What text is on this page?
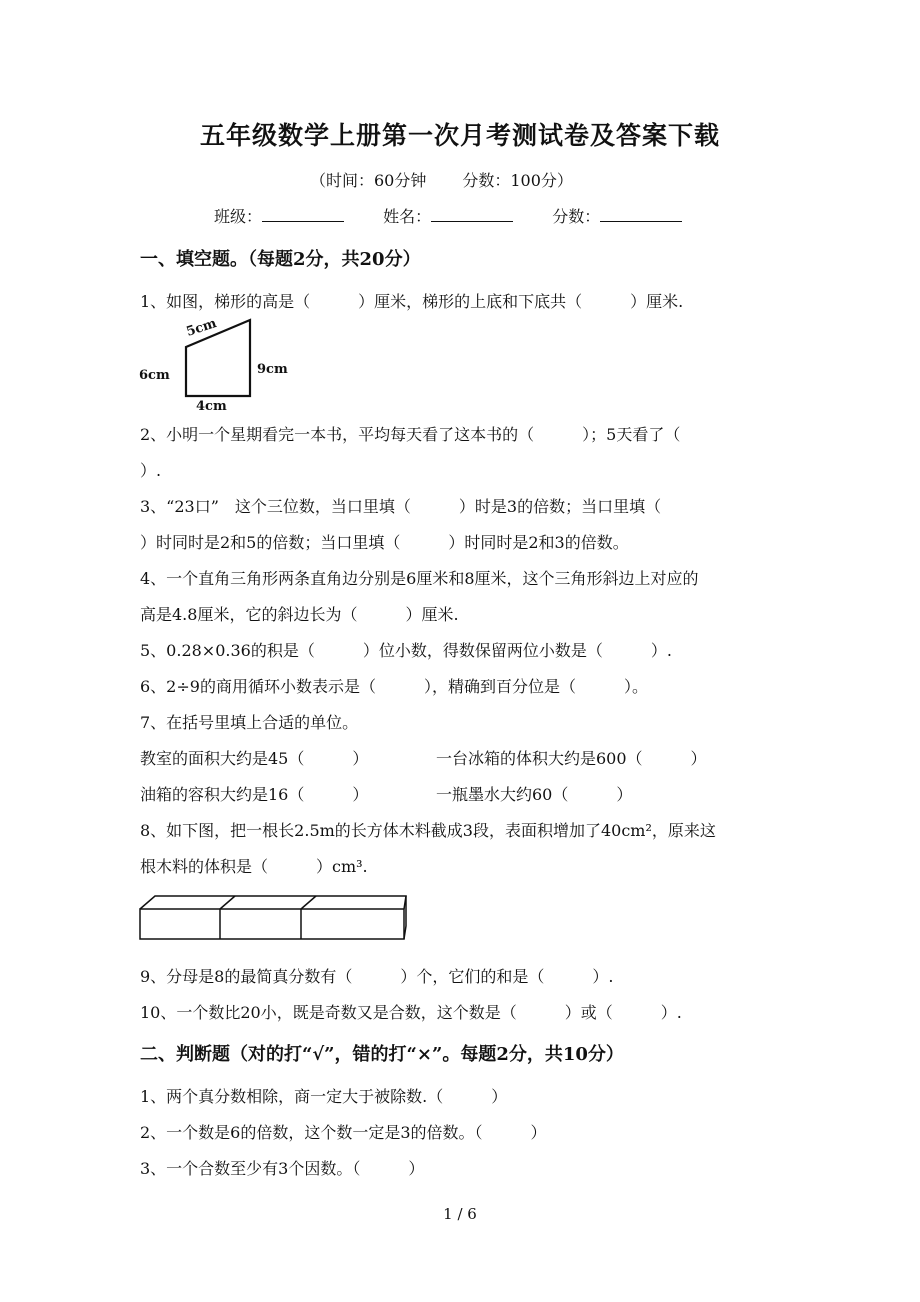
五年级数学上册第一次月考测试卷及答案下载
（时间：60分钟 分数：100分）
班级：	姓名：	分数：
一、填空题。（每题2分，共20分）
1、如图，梯形的高是（　　　）厘米，梯形的上底和下底共（　　　）厘米.
5cm
6cm	9cm
4cm
2、小明一个星期看完一本书，平均每天看了这本书的（　　　）；5天看了（
）.
3、“23口”　这个三位数，当口里填（　　　）时是3的倍数；当口里填（
）时同时是2和5的倍数；当口里填（　　　）时同时是2和3的倍数。
4、一个直角三角形两条直角边分别是6厘米和8厘米，这个三角形斜边上对应的
高是4.8厘米，它的斜边长为（　　　）厘米.
5、0.28×0.36的积是（　　　）位小数，得数保留两位小数是（　　　）.
6、2÷9的商用循环小数表示是（　　　），精确到百分位是（　　　）。
7、在括号里填上合适的单位。
教室的面积大约是45（　　　）	一台冰箱的体积大约是600（　　　）
油箱的容积大约是16（　　　）	一瓶墨水大约60（　　　）
8、如下图，把一根长2.5m的长方体木料截成3段，表面积增加了40cm²，原来这
根木料的体积是（　　　）cm³.
9、分母是8的最简真分数有（　　　）个，它们的和是（　　　）.
10、一个数比20小，既是奇数又是合数，这个数是（　　　）或（　　　）.
二、判断题（对的打“√”，错的打“×”。每题2分，共10分）
1、两个真分数相除，商一定大于被除数.（　　　）
2、一个数是6的倍数，这个数一定是3的倍数。（　　　）
3、一个合数至少有3个因数。（　　　）
1 / 6
